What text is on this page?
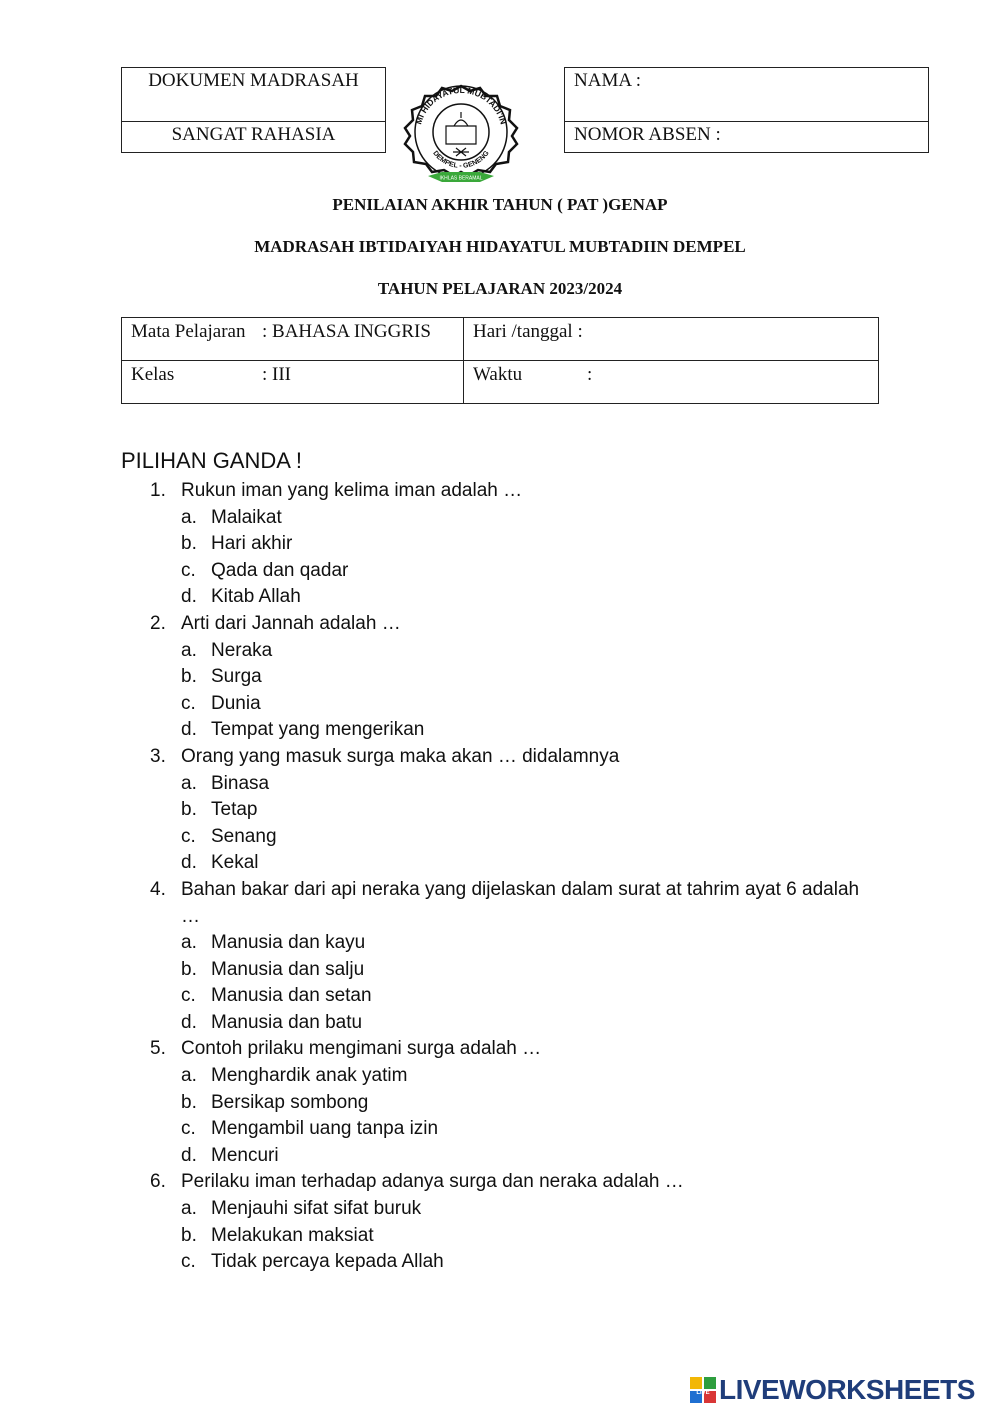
DOKUMEN MADRASAH
SANGAT RAHASIA
MI HIDAYATUL MUBTADI'IN
DEMPEL - GENENG
IKHLAS BERAMAL
NAMA :
NOMOR ABSEN :
PENILAIAN AKHIR TAHUN ( PAT )GENAP
MADRASAH IBTIDAIYAH HIDAYATUL MUBTADIIN DEMPEL
TAHUN PELAJARAN 2023/2024
Mata Pelajaran : BAHASA INGGRIS Hari /tanggal :
Kelas	: III	Waktu	:
PILIHAN GANDA !
1. Rukun iman yang kelima iman adalah …
a. Malaikat
b. Hari akhir
c. Qada dan qadar
d. Kitab Allah
2. Arti dari Jannah adalah …
a. Neraka
b. Surga
c. Dunia
d. Tempat yang mengerikan
3. Orang yang masuk surga maka akan … didalamnya
a. Binasa
b. Tetap
c. Senang
d. Kekal
4. Bahan bakar dari api neraka yang dijelaskan dalam surat at tahrim ayat 6 adalah …
a. Manusia dan kayu
b. Manusia dan salju
c. Manusia dan setan
d. Manusia dan batu
5. Contoh prilaku mengimani surga adalah …
a. Menghardik anak yatim
b. Bersikap sombong
c. Mengambil uang tanpa izin
d. Mencuri
6. Perilaku iman terhadap adanya surga dan neraka adalah …
a. Menjauhi sifat sifat buruk
b. Melakukan maksiat
c. Tidak percaya kepada Allah
LIVE LIVEWORKSHEETS
